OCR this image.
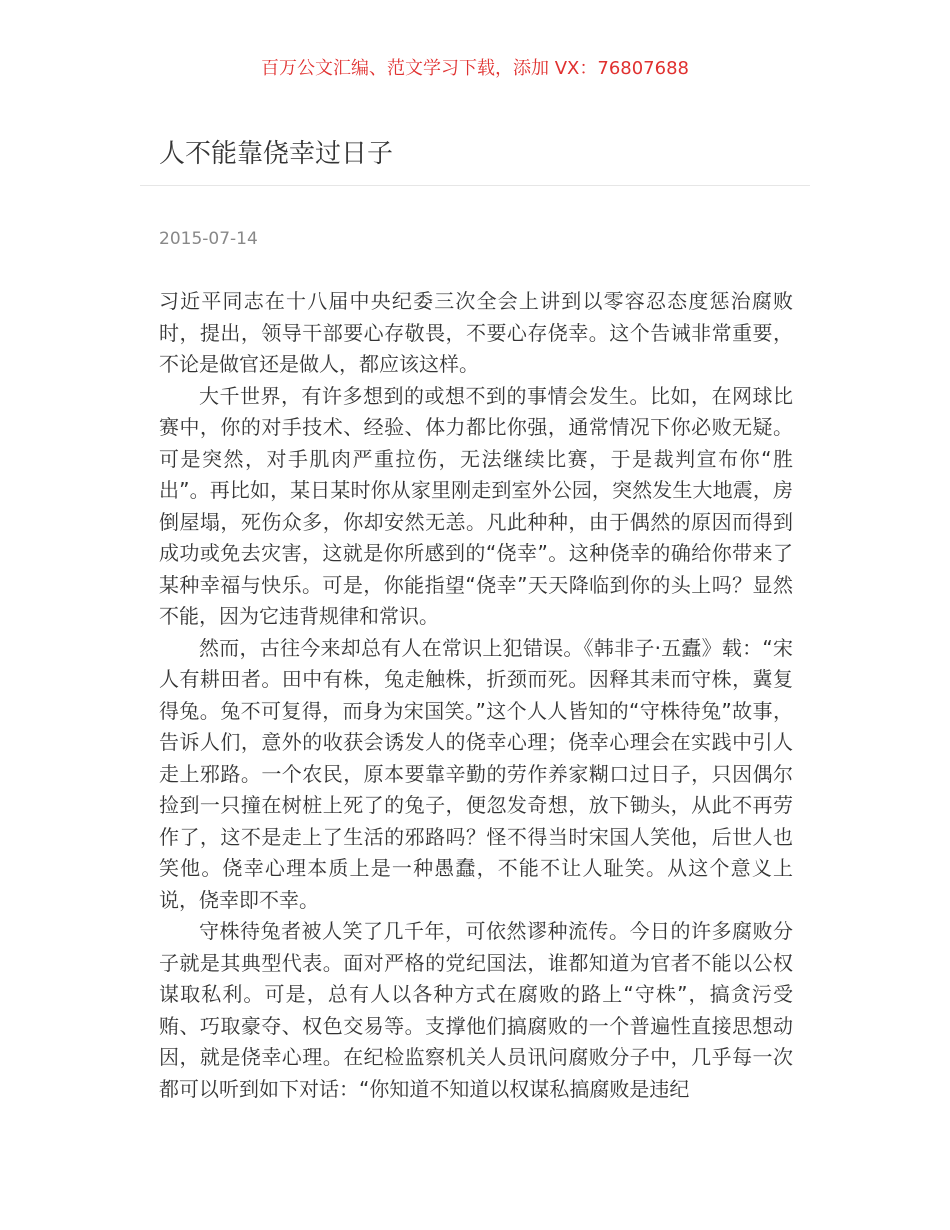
百万公文汇编、范文学习下载，添加 VX：76807688
人不能靠侥幸过日子
2015-07-14

习近平同志在十八届中央纪委三次全会上讲到以零容忍态度惩治腐败时，提出，领导干部要心存敬畏，不要心存侥幸。这个告诫非常重要，不论是做官还是做人，都应该这样。

大千世界，有许多想到的或想不到的事情会发生。比如，在网球比赛中，你的对手技术、经验、体力都比你强，通常情况下你必败无疑。可是突然，对手肌肉严重拉伤，无法继续比赛，于是裁判宣布你“胜出”。再比如，某日某时你从家里刚走到室外公园，突然发生大地震，房倒屋塌，死伤众多，你却安然无恙。凡此种种，由于偶然的原因而得到成功或免去灾害，这就是你所感到的“侥幸”。这种侥幸的确给你带来了某种幸福与快乐。可是，你能指望“侥幸”天天降临到你的头上吗？显然不能，因为它违背规律和常识。

然而，古往今来却总有人在常识上犯错误。《韩非子·五蠹》载：“宋人有耕田者。田中有株，兔走触株，折颈而死。因释其耒而守株，冀复得兔。兔不可复得，而身为宋国笑。”这个人人皆知的“守株待兔”故事，告诉人们，意外的收获会诱发人的侥幸心理；侥幸心理会在实践中引人走上邪路。一个农民，原本要靠辛勤的劳作养家糊口过日子，只因偶尔捡到一只撞在树桩上死了的兔子，便忽发奇想，放下锄头，从此不再劳作了，这不是走上了生活的邪路吗？怪不得当时宋国人笑他，后世人也笑他。侥幸心理本质上是一种愚蠢，不能不让人耻笑。从这个意义上说，侥幸即不幸。

守株待兔者被人笑了几千年，可依然谬种流传。今日的许多腐败分子就是其典型代表。面对严格的党纪国法，谁都知道为官者不能以公权谋取私利。可是，总有人以各种方式在腐败的路上“守株”，搞贪污受贿、巧取豪夺、权色交易等。支撑他们搞腐败的一个普遍性直接思想动因，就是侥幸心理。在纪检监察机关人员讯问腐败分子中，几乎每一次都可以听到如下对话：“你知道不知道以权谋私搞腐败是违纪
